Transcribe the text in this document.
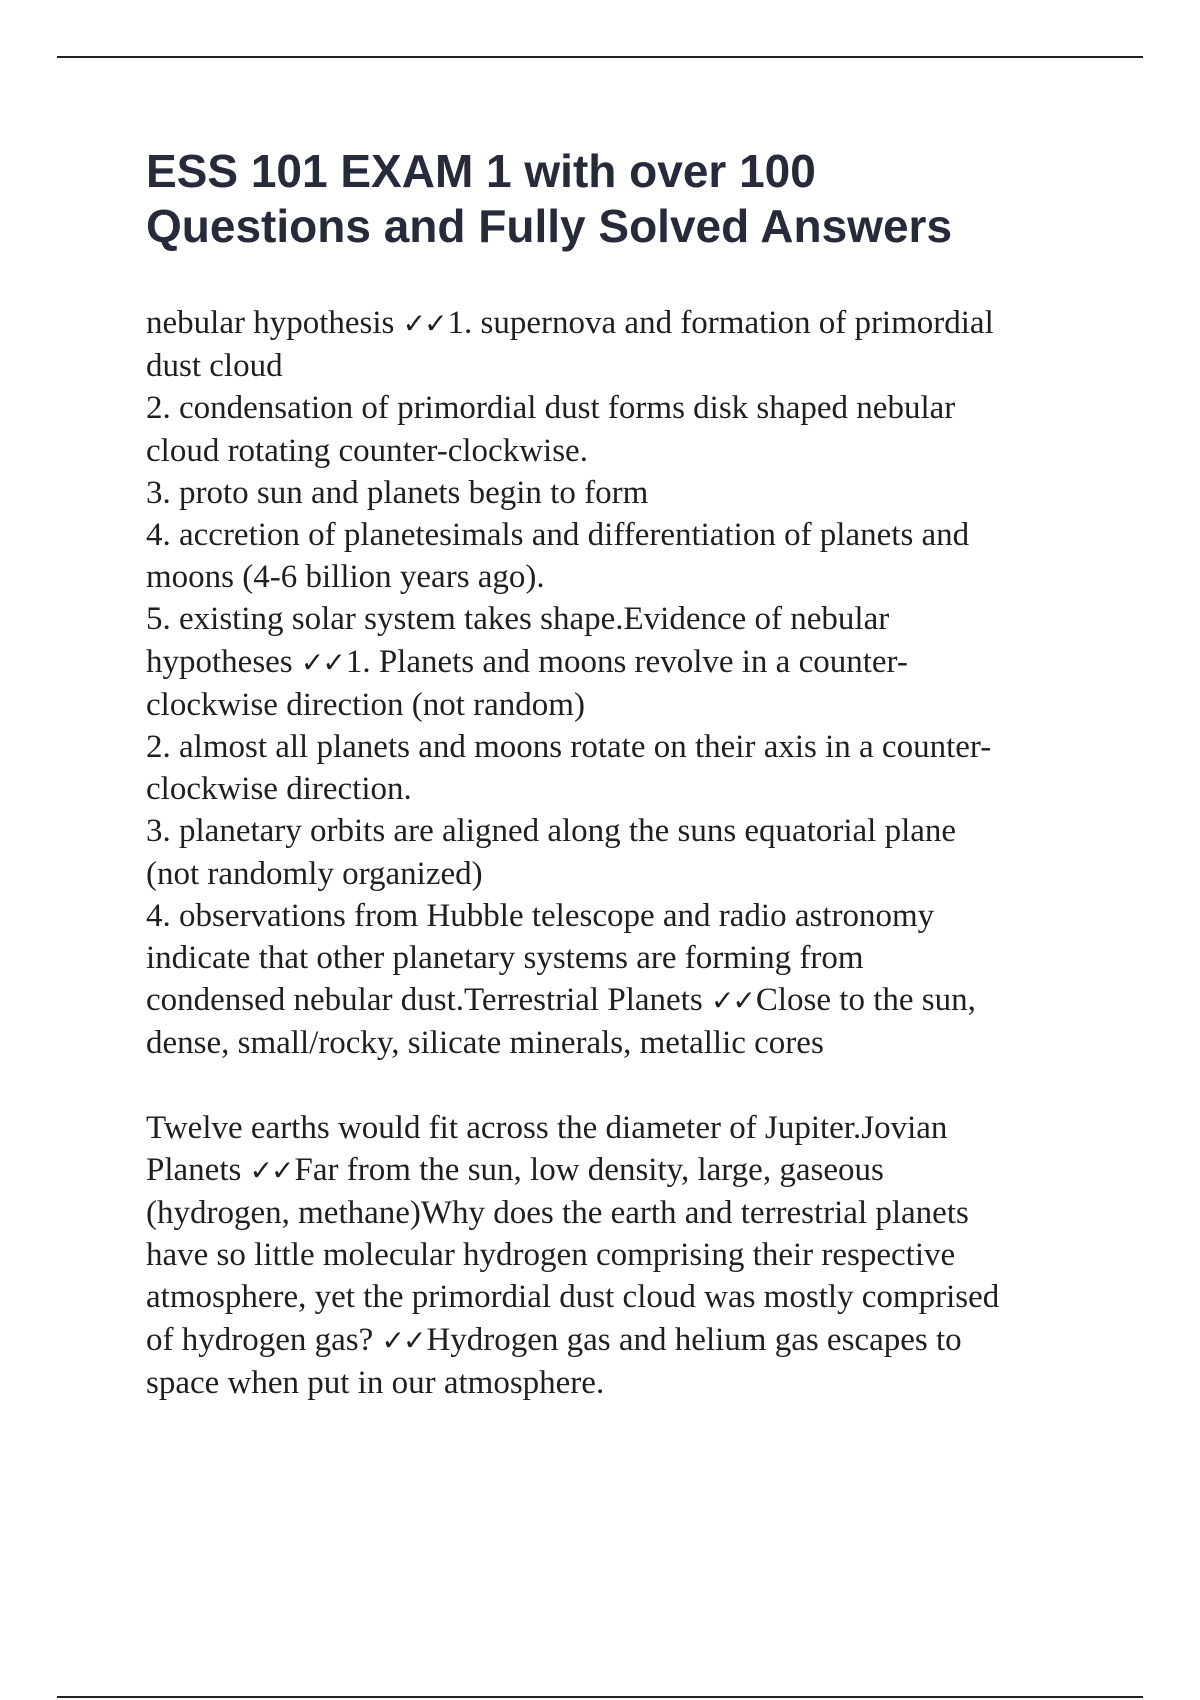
ESS 101 EXAM 1 with over 100
Questions and Fully Solved Answers

nebular hypothesis ✓✓1. supernova and formation of primordial

dust cloud

2. condensation of primordial dust forms disk shaped nebular

cloud rotating counter-clockwise.

3. proto sun and planets begin to form

4. accretion of planetesimals and differentiation of planets and

moons (4-6 billion years ago).

5. existing solar system takes shape.Evidence of nebular

hypotheses ✓✓1. Planets and moons revolve in a counter-

clockwise direction (not random)

2. almost all planets and moons rotate on their axis in a counter-

clockwise direction.

3. planetary orbits are aligned along the suns equatorial plane

(not randomly organized)

4. observations from Hubble telescope and radio astronomy

indicate that other planetary systems are forming from

condensed nebular dust.Terrestrial Planets ✓✓Close to the sun,

dense, small/rocky, silicate minerals, metallic cores

Twelve earths would fit across the diameter of Jupiter.Jovian

Planets ✓✓Far from the sun, low density, large, gaseous

(hydrogen, methane)Why does the earth and terrestrial planets

have so little molecular hydrogen comprising their respective

atmosphere, yet the primordial dust cloud was mostly comprised

of hydrogen gas? ✓✓Hydrogen gas and helium gas escapes to

space when put in our atmosphere.
